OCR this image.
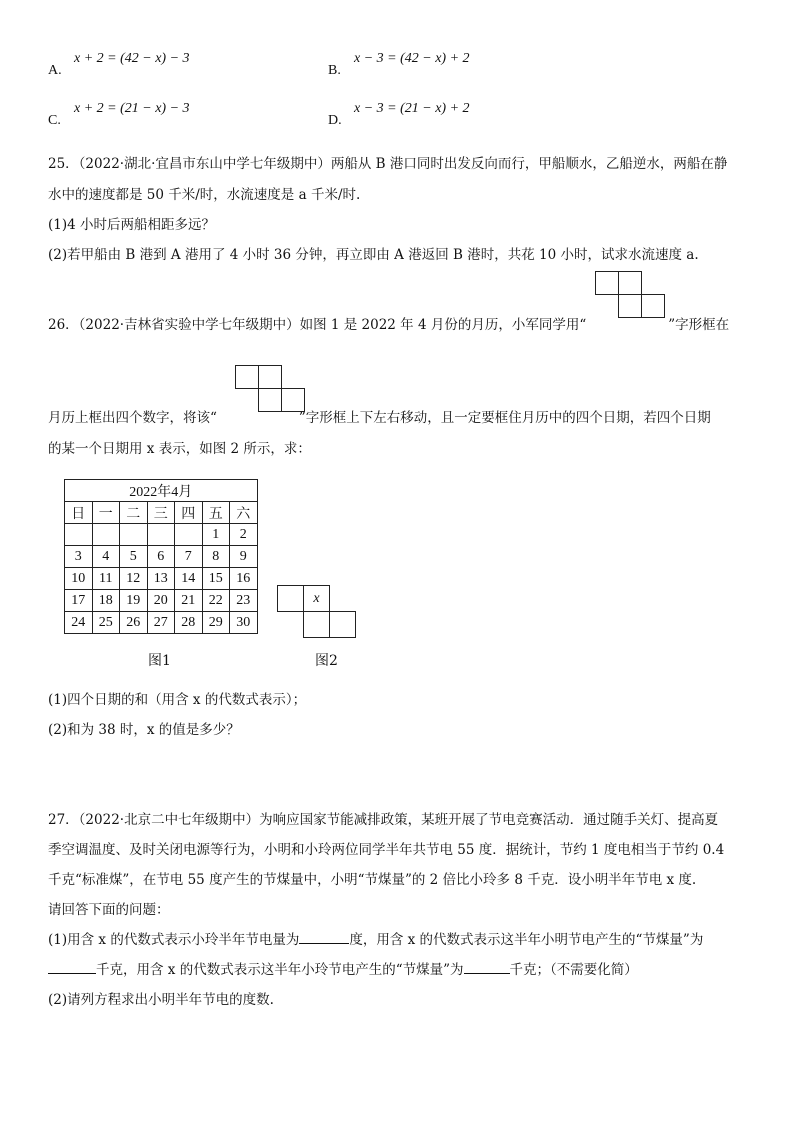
A.
x + 2 = (42 − x) − 3
B.
x − 3 = (42 − x) + 2
C.
x + 2 = (21 − x) − 3
D.
x − 3 = (21 − x) + 2
25．（2022·湖北·宜昌市东山中学七年级期中）两船从 B 港口同时出发反向而行，甲船顺水，乙船逆水，两船在静
水中的速度都是 50 千米/时，水流速度是 a 千米/时.
(1)4 小时后两船相距多远？
(2)若甲船由 B 港到 A 港用了 4 小时 36 分钟，再立即由 A 港返回 B 港时，共花 10 小时，试求水流速度 a.
26．（2022·吉林省实验中学七年级期中）如图 1 是 2022 年 4 月份的月历，小军同学用“	”字形框在
月历上框出四个数字，将该“	”字形框上下左右移动，且一定要框住月历中的四个日期，若四个日期
的某一个日期用 x 表示，如图 2 所示，求：
2022年4月						
日	一	二	三	四	五	六
					1	2
3	4	5	6	7	8	9
10	11	12	13	14	15	16
17	18	19	20	21	22	23
24	25	26	27	28	29	30
图1
x
图2
(1)四个日期的和（用含 x 的代数式表示）；
(2)和为 38 时，x 的值是多少？
27．（2022·北京二中七年级期中）为响应国家节能减排政策，某班开展了节电竞赛活动．通过随手关灯、提高夏
季空调温度、及时关闭电源等行为，小明和小玲两位同学半年共节电 55 度．据统计，节约 1 度电相当于节约 0.4
千克“标准煤”，在节电 55 度产生的节煤量中，小明“节煤量”的 2 倍比小玲多 8 千克．设小明半年节电 x 度.
请回答下面的问题：
(1)用含 x 的代数式表示小玲半年节电量为	度，用含 x 的代数式表示这半年小明节电产生的“节煤量”为
千克，用含 x 的代数式表示这半年小玲节电产生的“节煤量”为	千克；（不需要化简）
(2)请列方程求出小明半年节电的度数.
